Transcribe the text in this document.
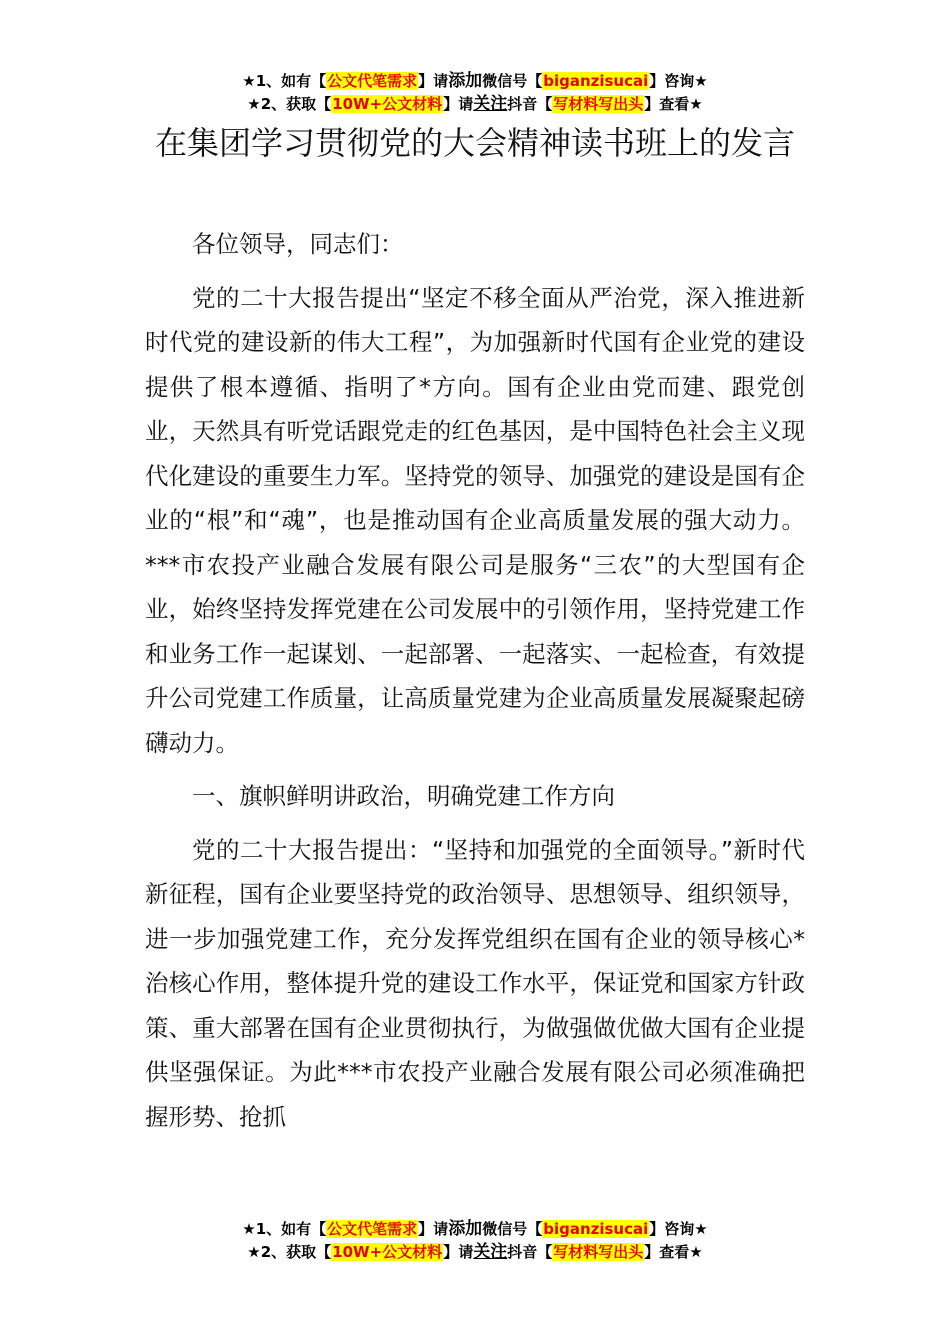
★1、如有【公文代笔需求】请添加微信号【biganzisucai】咨询★
★2、获取【10W+公文材料】请关注抖音【写材料写出头】查看★
在集团学习贯彻党的大会精神读书班上的发言

各位领导，同志们：

党的二十大报告提出“坚定不移全面从严治党，深入推进新时代党的建设新的伟大工程”，为加强新时代国有企业党的建设提供了根本遵循、指明了*方向。国有企业由党而建、跟党创业，天然具有听党话跟党走的红色基因，是中国特色社会主义现代化建设的重要生力军。坚持党的领导、加强党的建设是国有企业的“根”和“魂”，也是推动国有企业高质量发展的强大动力。***市农投产业融合发展有限公司是服务“三农”的大型国有企业，始终坚持发挥党建在公司发展中的引领作用，坚持党建工作和业务工作一起谋划、一起部署、一起落实、一起检查，有效提升公司党建工作质量，让高质量党建为企业高质量发展凝聚起磅礴动力。

一、旗帜鲜明讲政治，明确党建工作方向

党的二十大报告提出：“坚持和加强党的全面领导。”新时代新征程，国有企业要坚持党的政治领导、思想领导、组织领导，进一步加强党建工作，充分发挥党组织在国有企业的领导核心*治核心作用，整体提升党的建设工作水平，保证党和国家方针政策、重大部署在国有企业贯彻执行，为做强做优做大国有企业提供坚强保证。为此***市农投产业融合发展有限公司必须准确把握形势、抢抓

★1、如有【公文代笔需求】请添加微信号【biganzisucai】咨询★
★2、获取【10W+公文材料】请关注抖音【写材料写出头】查看★
